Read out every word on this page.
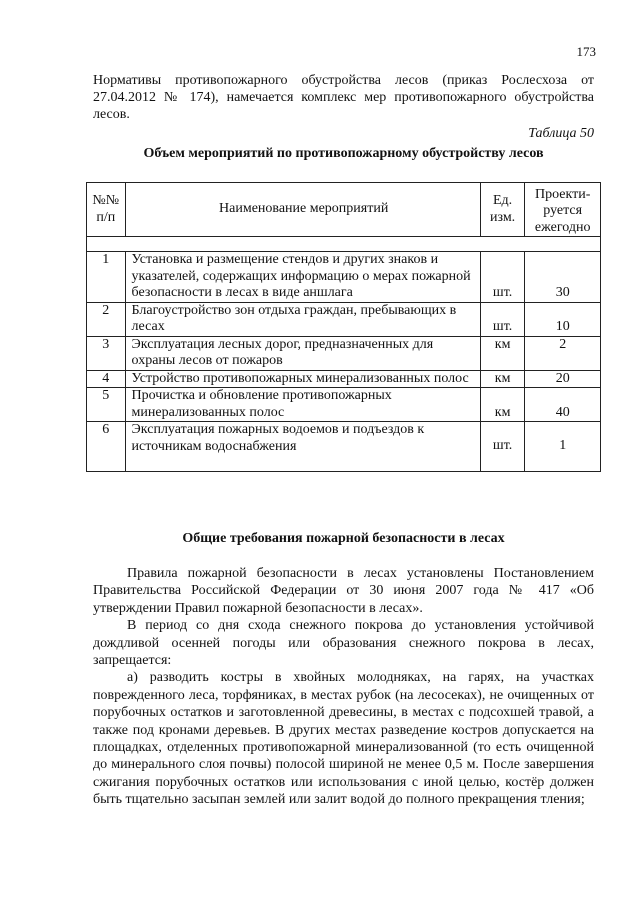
173

Нормативы противопожарного обустройства лесов (приказ Рослесхоза от 27.04.2012 № 174), намечается комплекс мер противопожарного обустройства лесов.

Таблица 50
Объем мероприятий по противопожарному обустройству лесов
№№ п/п	Наименование мероприятий	Ед. изм.	Проекти-руется ежегодно

1	Установка и размещение стендов и других знаков и указателей, содержащих информацию о мерах пожарной безопасности в лесах в виде аншлага	шт.	30
2	Благоустройство зон отдыха граждан, пребывающих в лесах	шт.	10
3	Эксплуатация лесных дорог, предназначенных для охраны лесов от пожаров	км	2
4	Устройство противопожарных минерализованных полос	км	20
5	Прочистка и обновление противопожарных минерализованных полос	км	40
6	Эксплуатация пожарных водоемов и подъездов к источникам водоснабжения	шт.	1
Общие требования пожарной безопасности в лесах

Правила пожарной безопасности в лесах установлены Постановлением Правительства Российской Федерации от 30 июня 2007 года № 417 «Об утверждении Правил пожарной безопасности в лесах».

В период со дня схода снежного покрова до установления устойчивой дождливой осенней погоды или образования снежного покрова в лесах, запрещается:

а) разводить костры в хвойных молодняках, на гарях, на участках поврежденного леса, торфяниках, в местах рубок (на лесосеках), не очищенных от порубочных остатков и заготовленной древесины, в местах с подсохшей травой, а также под кронами деревьев. В других местах разведение костров допускается на площадках, отделенных противопожарной минерализованной (то есть очищенной до минерального слоя почвы) полосой шириной не менее 0,5 м. После завершения сжигания порубочных остатков или использования с иной целью, костёр должен быть тщательно засыпан землей или залит водой до полного прекращения тления;
